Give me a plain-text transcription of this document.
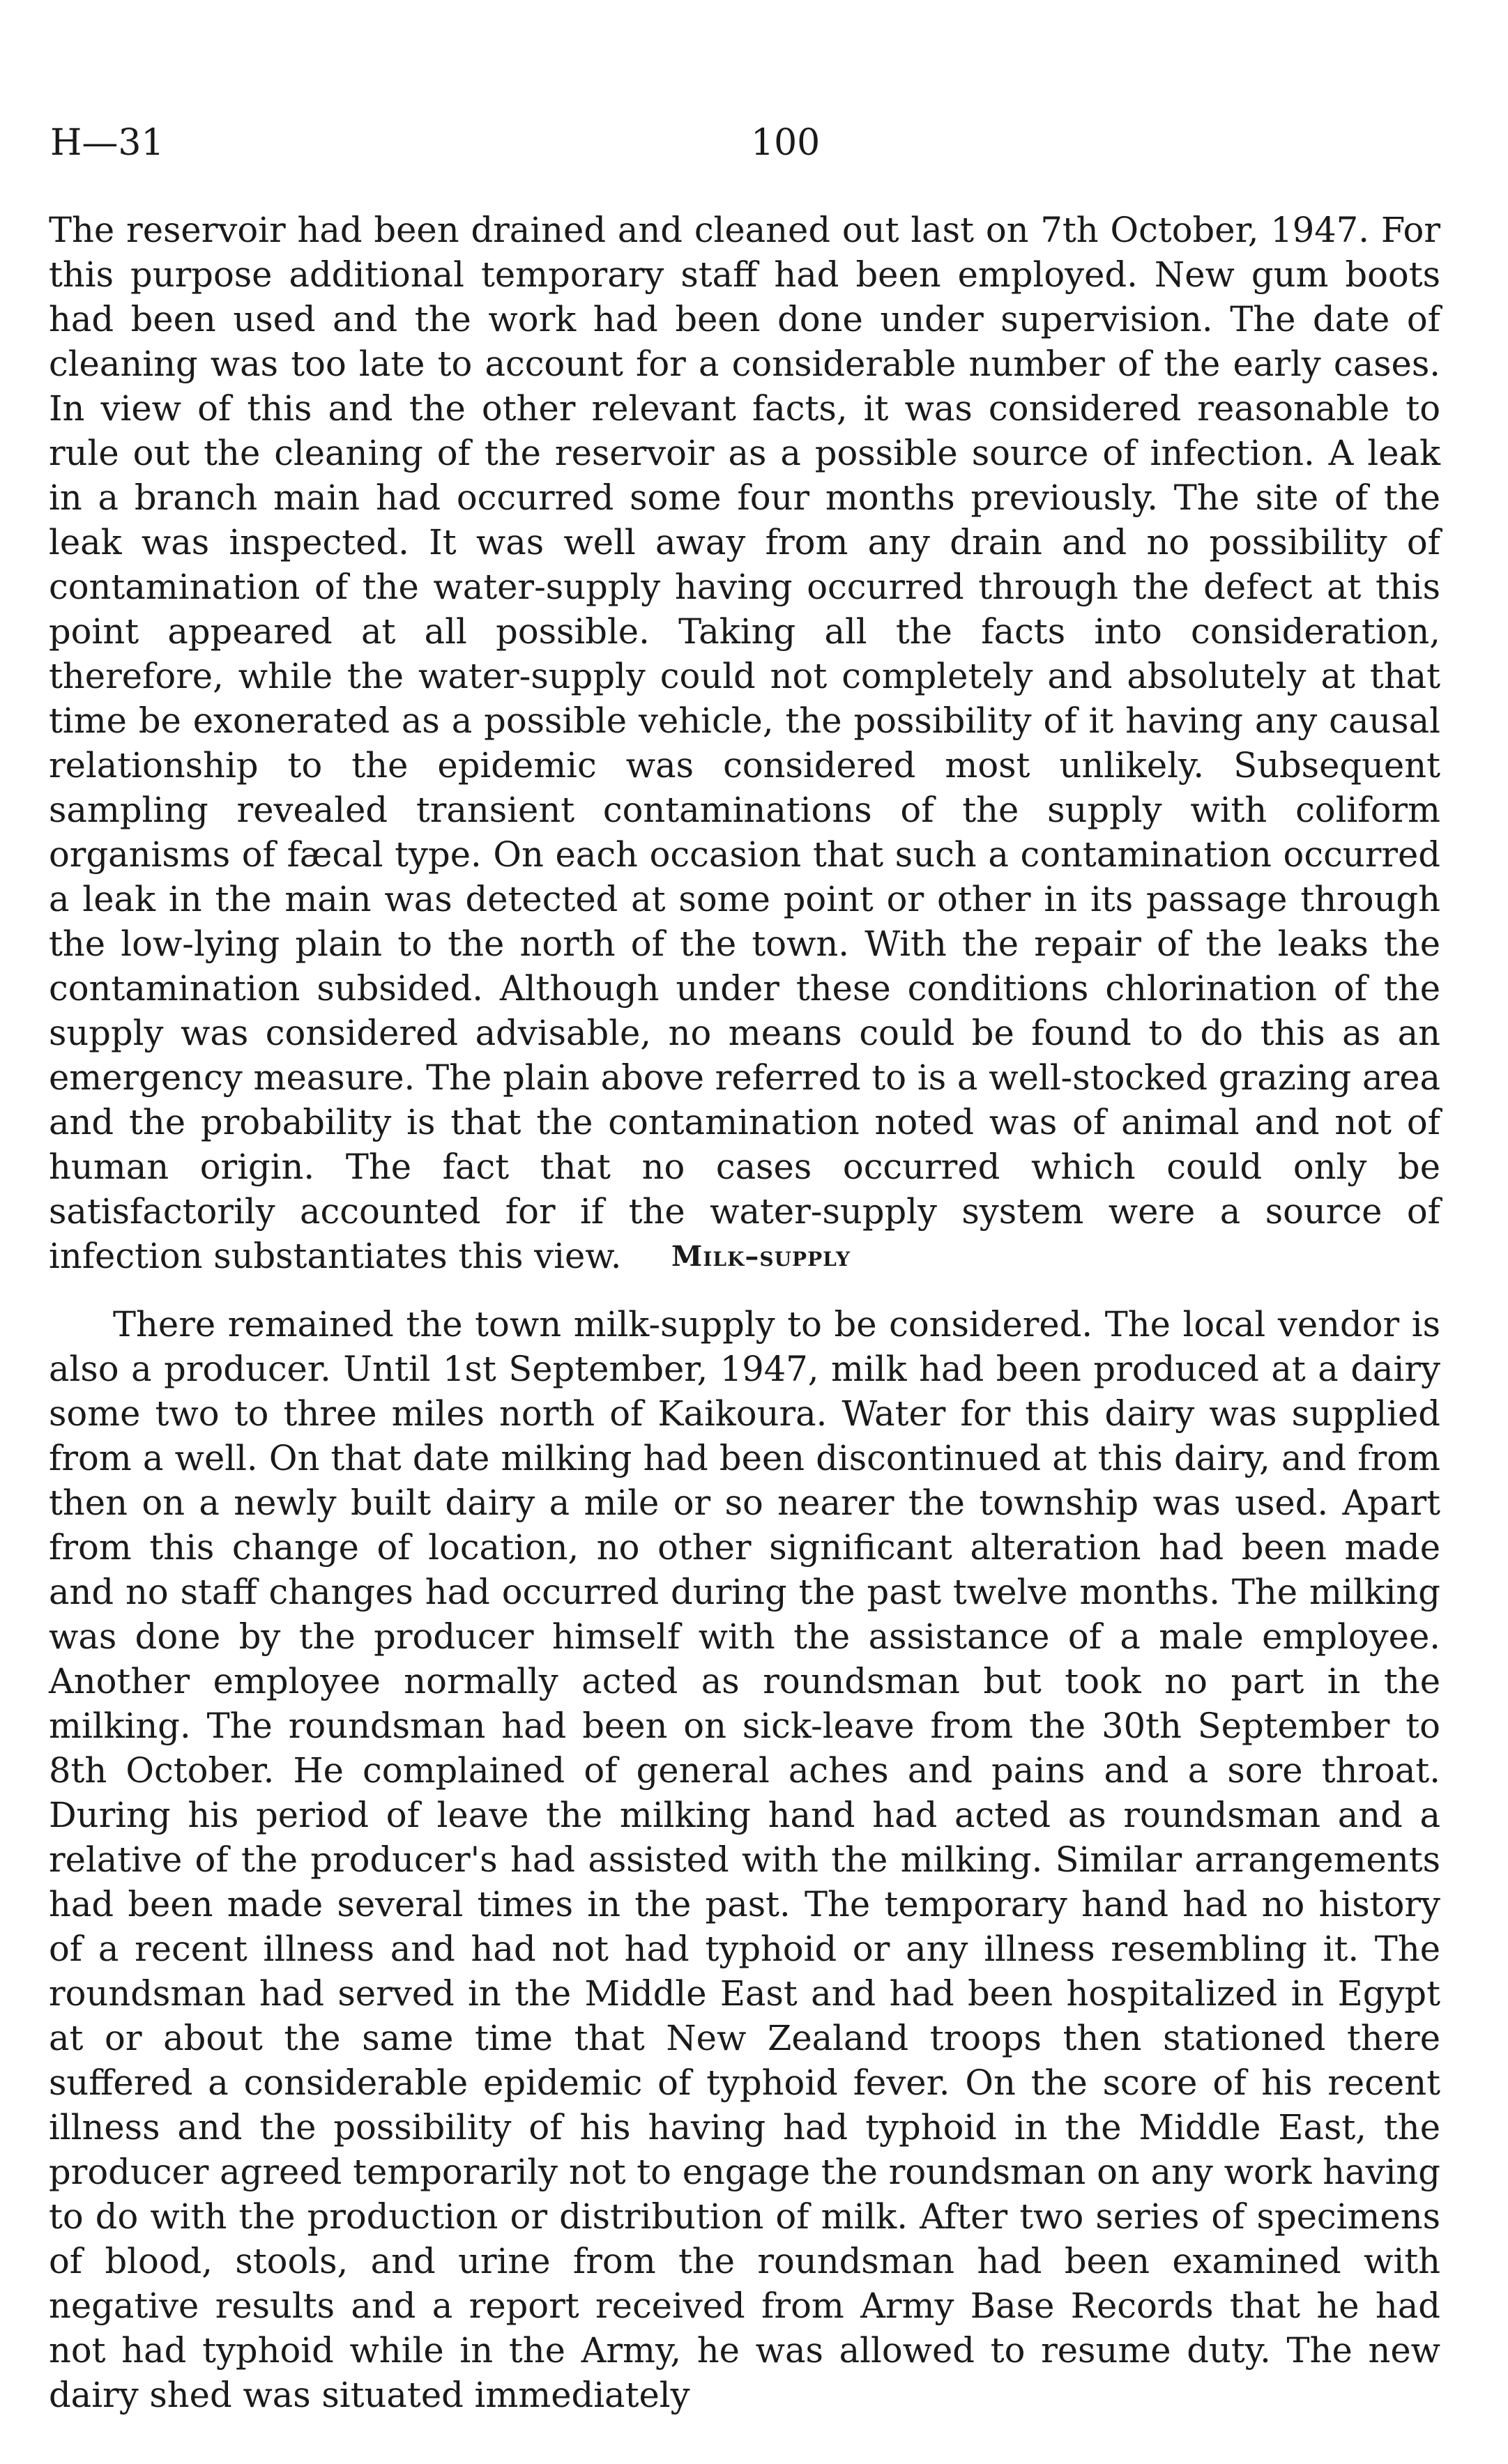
H—31	100

The reservoir had been drained and cleaned out last on 7th October, 1947. For this purpose additional temporary staff had been employed. New gum boots had been used and the work had been done under supervision. The date of cleaning was too late to account for a considerable number of the early cases. In view of this and the other relevant facts, it was considered reasonable to rule out the cleaning of the reservoir as a possible source of infection. A leak in a branch main had occurred some four months previously. The site of the leak was inspected. It was well away from any drain and no possibility of contamination of the water-supply having occurred through the defect at this point appeared at all possible. Taking all the facts into consideration, therefore, while the water-supply could not completely and absolutely at that time be exonerated as a possible vehicle, the possibility of it having any causal relationship to the epidemic was considered most unlikely. Subsequent sampling revealed transient contaminations of the supply with coliform organisms of fæcal type. On each occasion that such a contamination occurred a leak in the main was detected at some point or other in its passage through the low-lying plain to the north of the town. With the repair of the leaks the contamination subsided. Although under these conditions chlorination of the supply was considered advisable, no means could be found to do this as an emergency measure. The plain above referred to is a well-stocked grazing area and the probability is that the contamination noted was of animal and not of human origin. The fact that no cases occurred which could only be satisfactorily accounted for if the water-supply system were a source of infection substantiates this view.	Milk–supply

There remained the town milk-supply to be considered. The local vendor is also a producer. Until 1st September, 1947, milk had been produced at a dairy some two to three miles north of Kaikoura. Water for this dairy was supplied from a well. On that date milking had been discontinued at this dairy, and from then on a newly built dairy a mile or so nearer the township was used. Apart from this change of location, no other significant alteration had been made and no staff changes had occurred during the past twelve months. The milking was done by the producer himself with the assistance of a male employee. Another employee normally acted as roundsman but took no part in the milking. The roundsman had been on sick-leave from the 30th September to 8th October. He complained of general aches and pains and a sore throat. During his period of leave the milking hand had acted as roundsman and a relative of the producer's had assisted with the milking. Similar arrangements had been made several times in the past. The temporary hand had no history of a recent illness and had not had typhoid or any illness resembling it. The roundsman had served in the Middle East and had been hospitalized in Egypt at or about the same time that New Zealand troops then stationed there suffered a considerable epidemic of typhoid fever. On the score of his recent illness and the possibility of his having had typhoid in the Middle East, the producer agreed temporarily not to engage the roundsman on any work having to do with the production or distribution of milk. After two series of specimens of blood, stools, and urine from the roundsman had been examined with negative results and a report received from Army Base Records that he had not had typhoid while in the Army, he was allowed to resume duty. The new dairy shed was situated immediately
